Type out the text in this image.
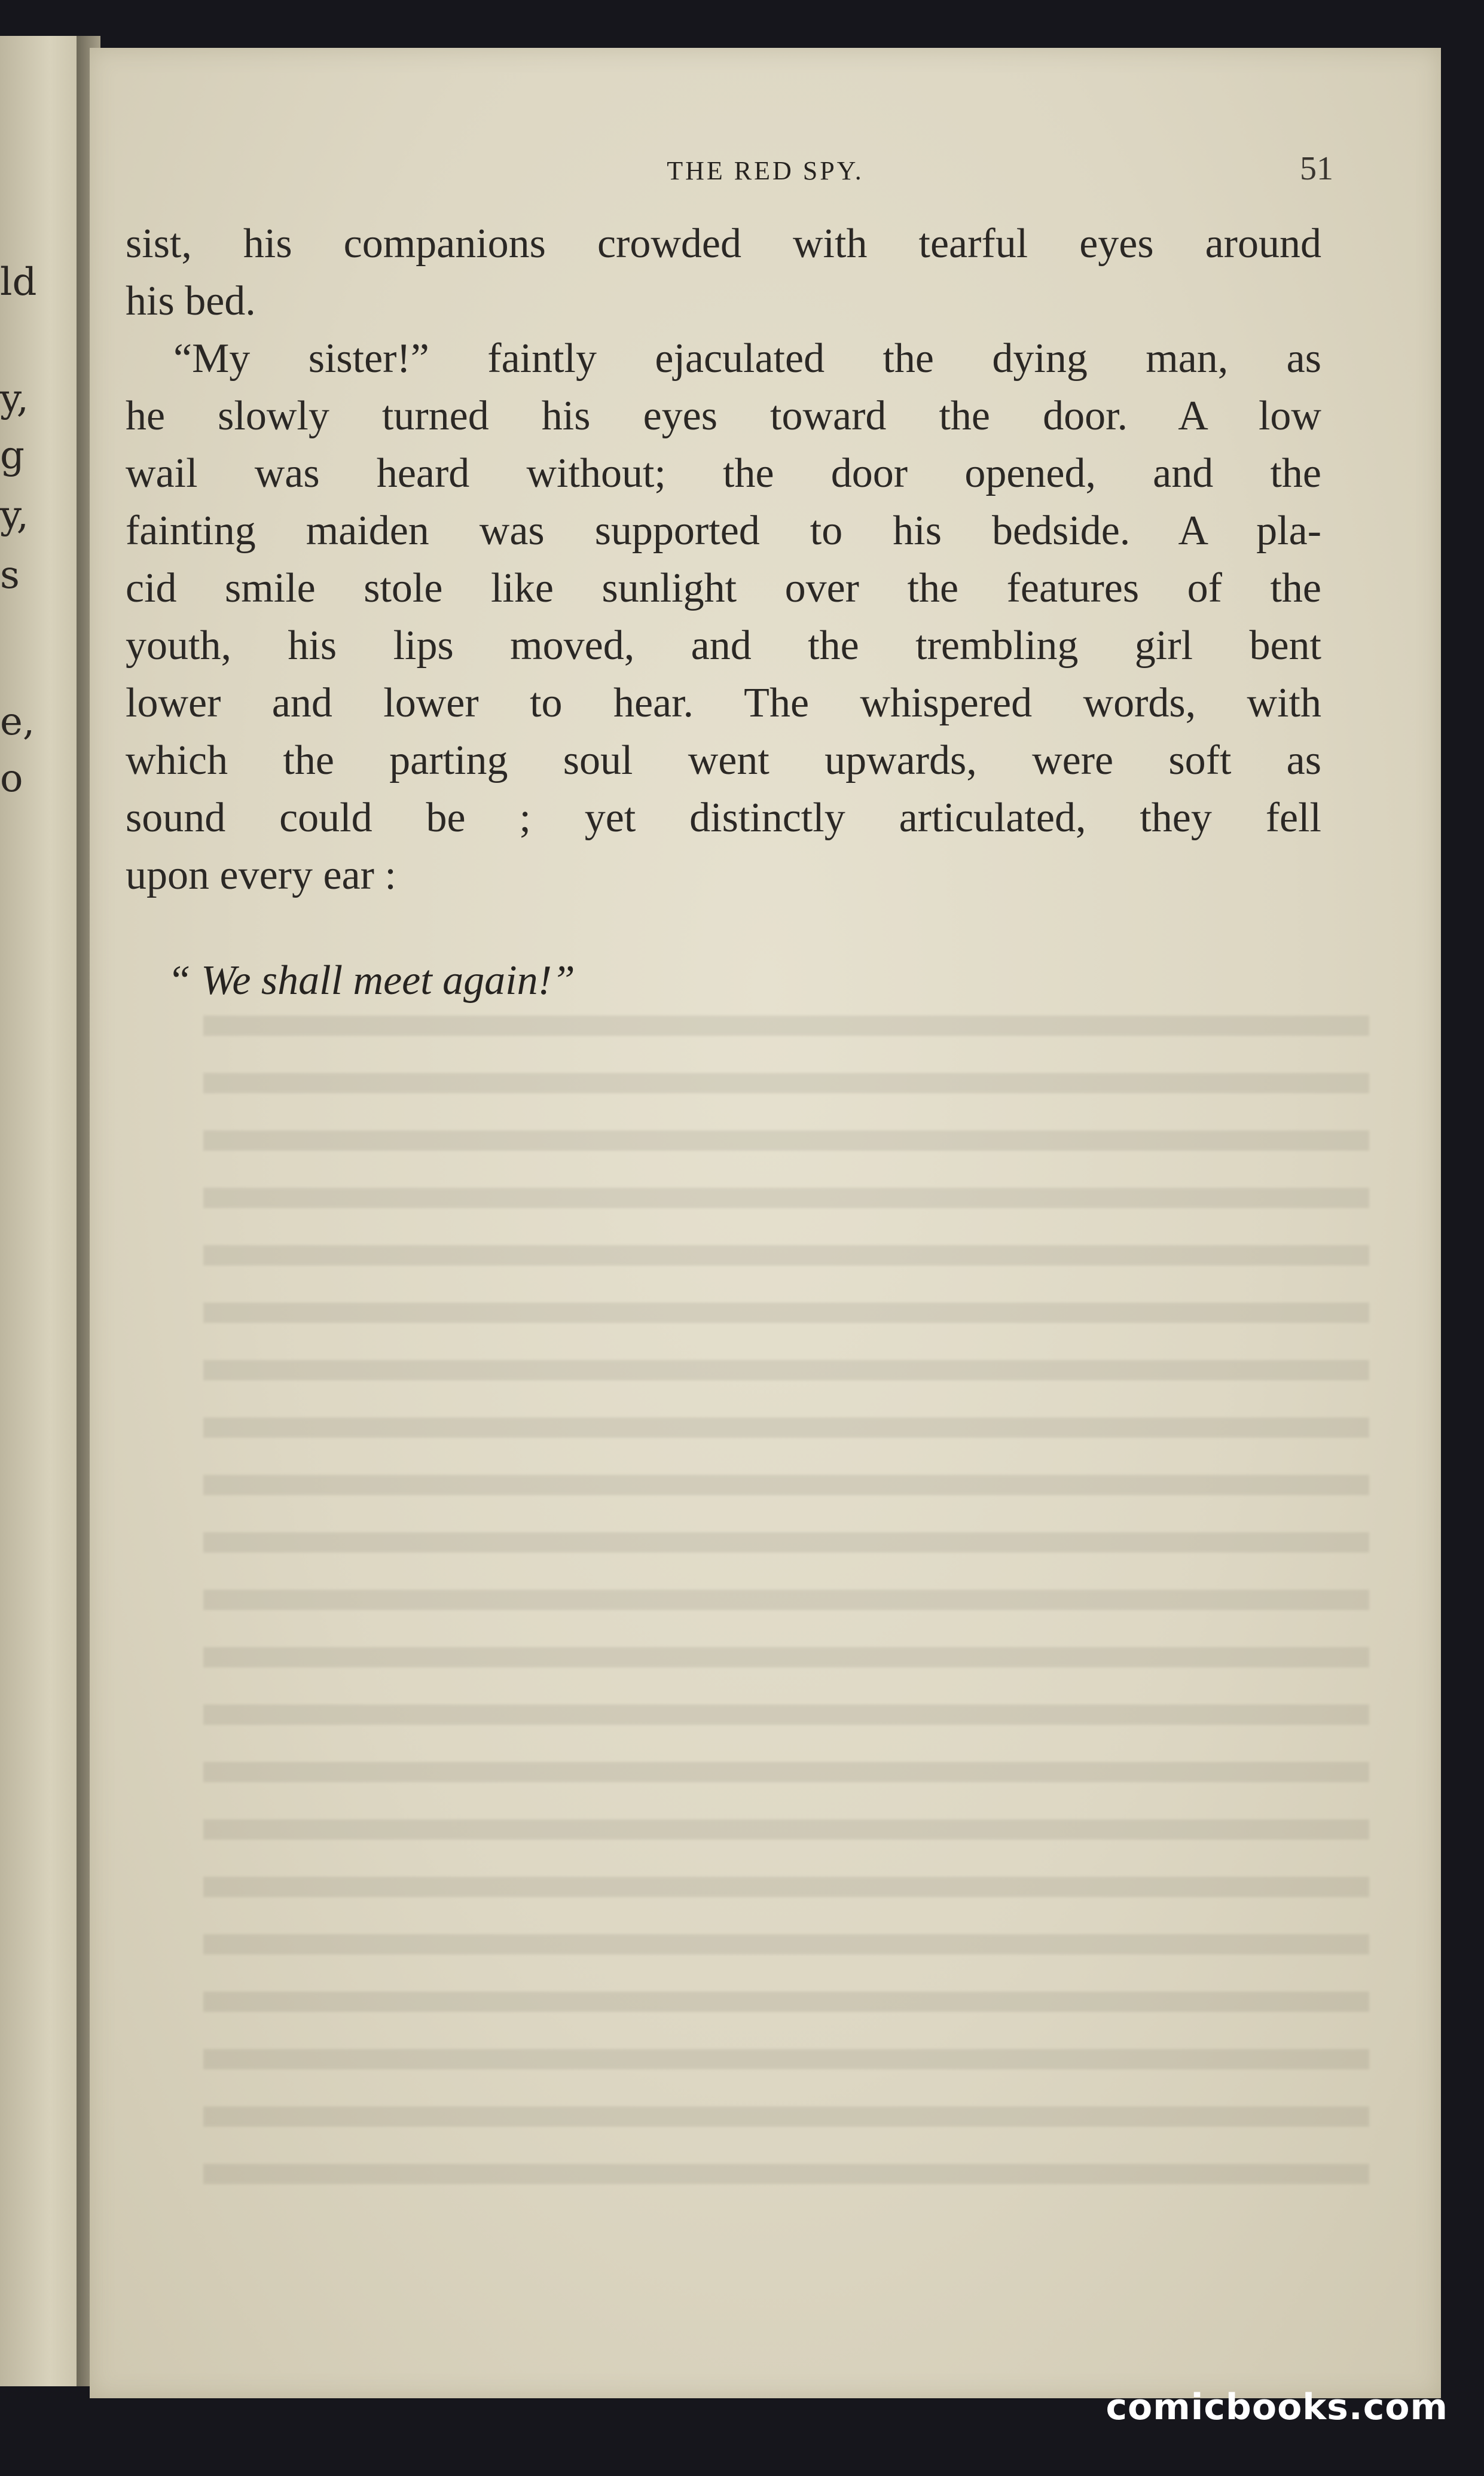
ld
y,
g
y,
s
e,
o
THE RED SPY.	51
sist, his companions crowded with tearful eyes around
his bed.
“My sister!” faintly ejaculated the dying man, as
he slowly turned his eyes toward the door. A low
wail was heard without; the door opened, and the
fainting maiden was supported to his bedside. A pla-
cid smile stole like sunlight over the features of the
youth, his lips moved, and the trembling girl bent
lower and lower to hear. The whispered words, with
which the parting soul went upwards, were soft as
sound could be ; yet distinctly articulated, they fell
upon every ear :
“ We shall meet again!”
comicbooks.com
